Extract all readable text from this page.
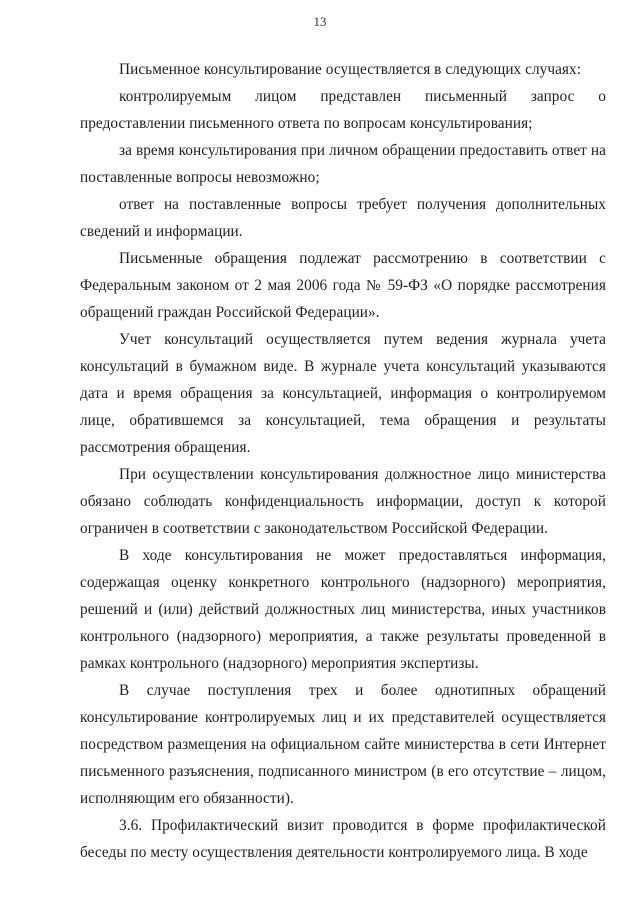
13

Письменное консультирование осуществляется в следующих случаях:

контролируемым лицом представлен письменный запрос о предоставлении письменного ответа по вопросам консультирования;

за время консультирования при личном обращении предоставить ответ на поставленные вопросы невозможно;

ответ на поставленные вопросы требует получения дополнительных сведений и информации.

Письменные обращения подлежат рассмотрению в соответствии с Федеральным законом от 2 мая 2006 года № 59-ФЗ «О порядке рассмотрения обращений граждан Российской Федерации».

Учет консультаций осуществляется путем ведения журнала учета консультаций в бумажном виде. В журнале учета консультаций указываются дата и время обращения за консультацией, информация о контролируемом лице, обратившемся за консультацией, тема обращения и результаты рассмотрения обращения.

При осуществлении консультирования должностное лицо министерства обязано соблюдать конфиденциальность информации, доступ к которой ограничен в соответствии с законодательством Российской Федерации.

В ходе консультирования не может предоставляться информация, содержащая оценку конкретного контрольного (надзорного) мероприятия, решений и (или) действий должностных лиц министерства, иных участников контрольного (надзорного) мероприятия, а также результаты проведенной в рамках контрольного (надзорного) мероприятия экспертизы.

В случае поступления трех и более однотипных обращений консультирование контролируемых лиц и их представителей осуществляется посредством размещения на официальном сайте министерства в сети Интернет письменного разъяснения, подписанного министром (в его отсутствие – лицом, исполняющим его обязанности).

3.6. Профилактический визит проводится в форме профилактической беседы по месту осуществления деятельности контролируемого лица. В ходе
